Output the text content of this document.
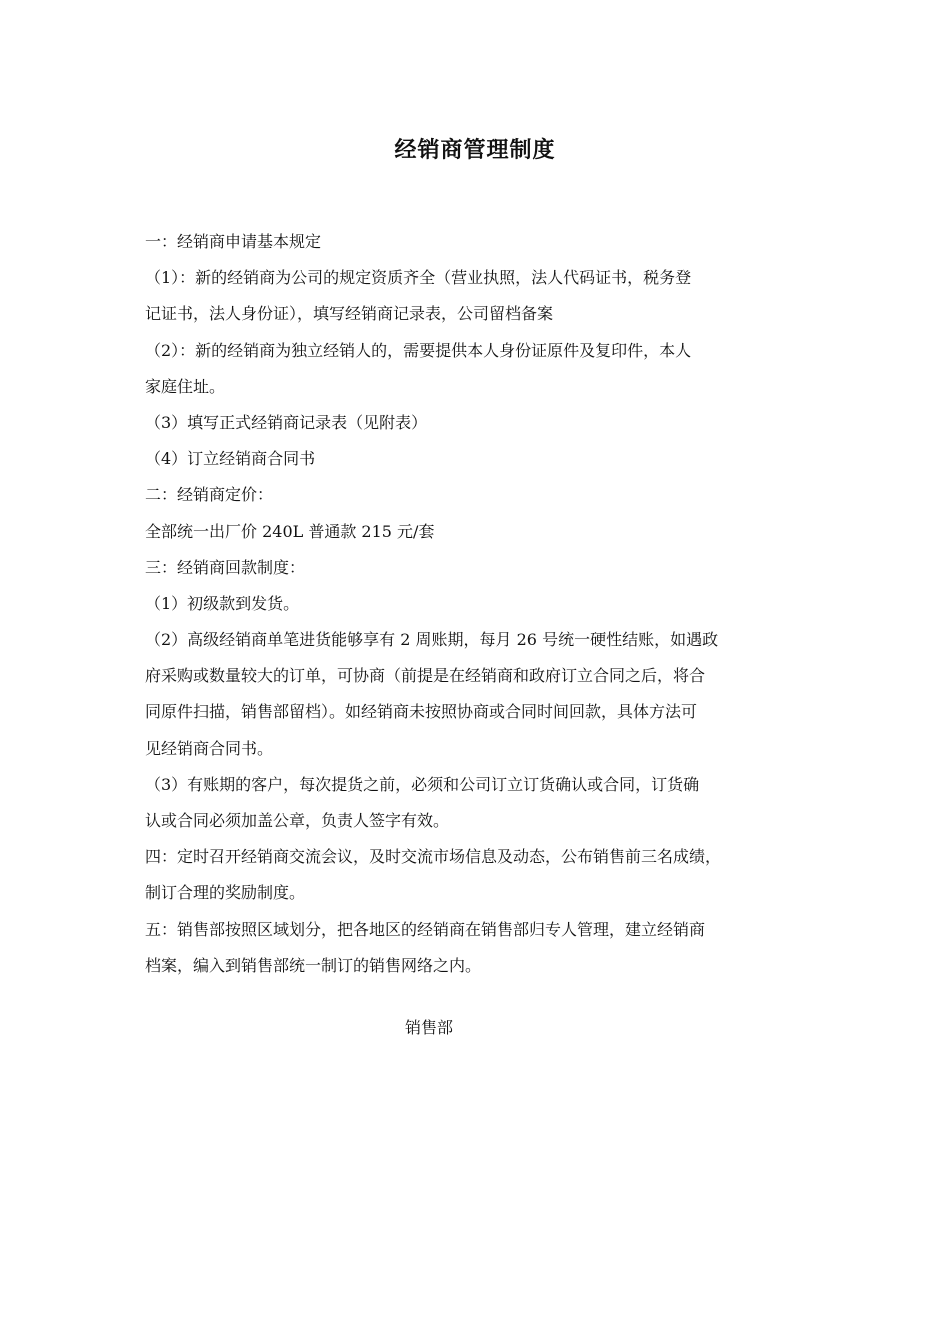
经销商管理制度
一：经销商申请基本规定
（1）：新的经销商为公司的规定资质齐全（营业执照，法人代码证书，税务登
记证书，法人身份证），填写经销商记录表，公司留档备案
（2）：新的经销商为独立经销人的，需要提供本人身份证原件及复印件，本人
家庭住址。
（3）填写正式经销商记录表（见附表）
（4）订立经销商合同书
二：经销商定价：
全部统一出厂价 240L 普通款 215 元/套
三：经销商回款制度：
（1）初级款到发货。
（2）高级经销商单笔进货能够享有 2 周账期，每月 26 号统一硬性结账，如遇政
府采购或数量较大的订单，可协商（前提是在经销商和政府订立合同之后，将合
同原件扫描，销售部留档）。如经销商未按照协商或合同时间回款，具体方法可
见经销商合同书。
（3）有账期的客户，每次提货之前，必须和公司订立订货确认或合同，订货确
认或合同必须加盖公章，负责人签字有效。
四：定时召开经销商交流会议，及时交流市场信息及动态，公布销售前三名成绩，
制订合理的奖励制度。
五：销售部按照区域划分，把各地区的经销商在销售部归专人管理，建立经销商
档案，编入到销售部统一制订的销售网络之内。
销售部
